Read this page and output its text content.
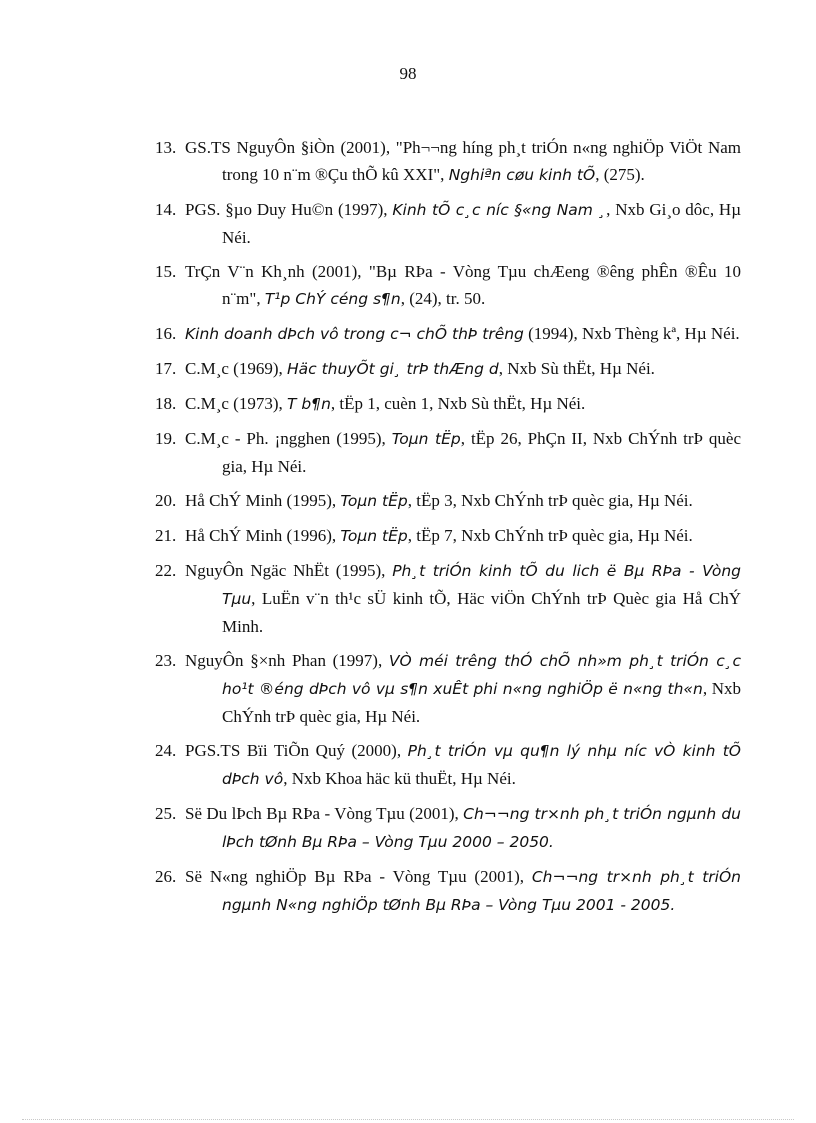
98
13. GS.TS NguyÔn §iÒn (2001), "Ph¬¬ng híng ph¸t triÓn n«ng nghiÖp ViÖt Nam trong 10 n¨m ®Çu thÕ kû XXI", Nghiªn cøu kinh tÕ, (275).
14. PGS. §µo Duy Hu©n (1997), Kinh tÕ c¸c níc §«ng Nam ¸, Nxb Gi¸o dôc, Hµ Néi.
15. TrÇn V¨n Kh¸nh (2001), "Bµ RÞa - Vòng Tµu chÆeng ®êng phÊn ®Êu 10 n¨m", T¹p ChÝ céng s¶n, (24), tr. 50.
16. Kinh doanh dÞch vô trong c¬ chÕ thÞ trêng (1994), Nxb Thèng kª, Hµ Néi.
17. C.M¸c (1969), Häc thuyÕt gi¸ trÞ thÆng d, Nxb Sù thËt, Hµ Néi.
18. C.M¸c (1973), T b¶n, tËp 1, cuèn 1, Nxb Sù thËt, Hµ Néi.
19. C.M¸c - Ph. ¡ngghen (1995), Toµn tËp, tËp 26, PhÇn II, Nxb ChÝnh trÞ quèc gia, Hµ Néi.
20. Hå ChÝ Minh (1995), Toµn tËp, tËp 3, Nxb ChÝnh trÞ quèc gia, Hµ Néi.
21. Hå ChÝ Minh (1996), Toµn tËp, tËp 7, Nxb ChÝnh trÞ quèc gia, Hµ Néi.
22. NguyÔn Ngäc NhËt (1995), Ph¸t triÓn kinh tÕ du lich ë Bµ RÞa - Vòng Tµu, LuËn v¨n th¹c sÜ kinh tÕ, Häc viÖn ChÝnh trÞ Quèc gia Hå ChÝ Minh.
23. NguyÔn §×nh Phan (1997), VÒ méi trêng thÓ chÕ nh»m ph¸t triÓn c¸c ho¹t ®éng dÞch vô vµ s¶n xuÊt phi n«ng nghiÖp ë n«ng th«n, Nxb ChÝnh trÞ quèc gia, Hµ Néi.
24. PGS.TS Bïi TiÕn Quý (2000), Ph¸t triÓn vµ qu¶n lý nhµ níc vÒ kinh tÕ dÞch vô, Nxb Khoa häc kü thuËt, Hµ Néi.
25. Së Du lÞch Bµ RÞa - Vòng Tµu (2001), Ch¬¬ng tr×nh ph¸t triÓn ngµnh du lÞch tØnh Bµ RÞa – Vòng Tµu 2000 – 2050.
26. Së N«ng nghiÖp Bµ RÞa - Vòng Tµu (2001), Ch¬¬ng tr×nh ph¸t triÓn ngµnh N«ng nghiÖp tØnh Bµ RÞa – Vòng Tµu 2001 - 2005.
